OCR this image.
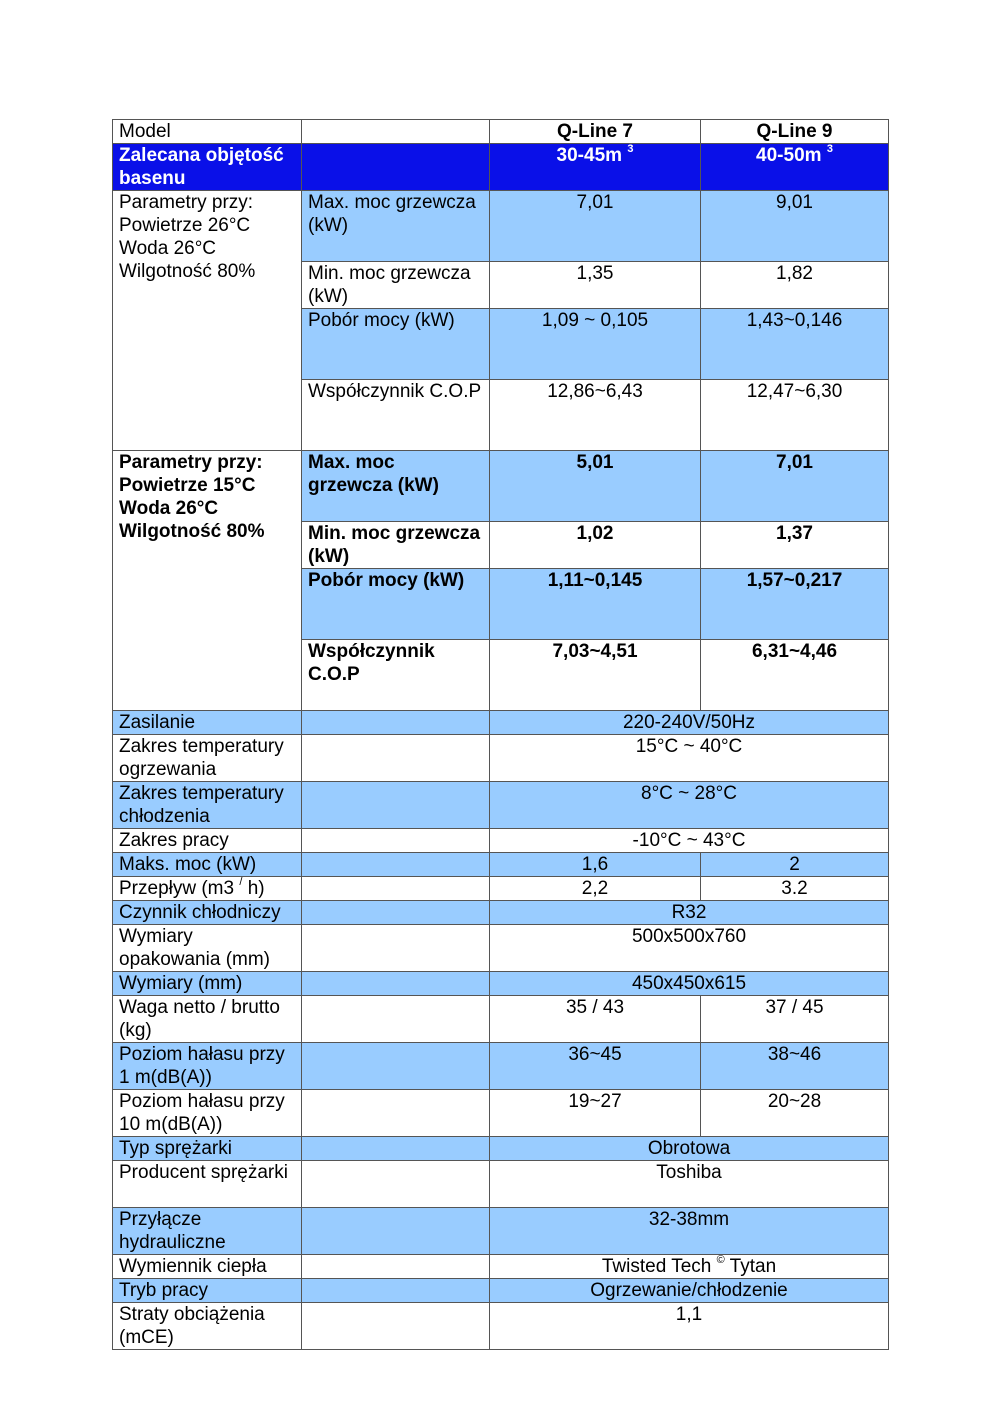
Model		Q-Line 7	Q-Line 9
Zalecana objętość basenu		30-45m $^3$	40-50m $^3$

Parametry przy:
Powietrze 26°C
Woda 26°C
Wilgotność 80%	Max. moc grzewcza (kW)	7,01	9,01
	Min. moc grzewcza (kW)	1,35	1,82
	Pobór mocy (kW)	1,09 ~ 0,105	1,43~0,146
	Współczynnik C.O.P	12,86~6,43	12,47~6,30

Parametry przy:
Powietrze 15°C
Woda 26°C
Wilgotność 80%	Max. moc grzewcza (kW)	5,01	7,01
	Min. moc grzewcza (kW)	1,02	1,37
	Pobór mocy (kW)	1,11~0,145	1,57~0,217
	Współczynnik C.O.P	7,03~4,51	6,31~4,46
Zasilanie		220-240V/50Hz	
Zakres temperatury ogrzewania		15°C ~ 40°C	
Zakres temperatury chłodzenia		8°C ~ 28°C	
Zakres pracy		-10°C ~ 43°C	
Maks. moc (kW)		1,6	2
Przepływ (m3 / h)		2,2	3.2
Czynnik chłodniczy		R32	
Wymiary opakowania (mm)		500x500x760	
Wymiary (mm)		450x450x615	
Waga netto / brutto (kg)		35 / 43	37 / 45
Poziom hałasu przy 1 m(dB(A))		36~45	38~46
Poziom hałasu przy 10 m(dB(A))		19~27	20~28
Typ sprężarki		Obrotowa	
Producent sprężarki		Toshiba	
Przyłącze hydrauliczne		32-38mm	
Wymiennik ciepła		Twisted Tech © Tytan	
Tryb pracy		Ogrzewanie/chłodzenie	
Straty obciążenia (mCE)		1,1	
